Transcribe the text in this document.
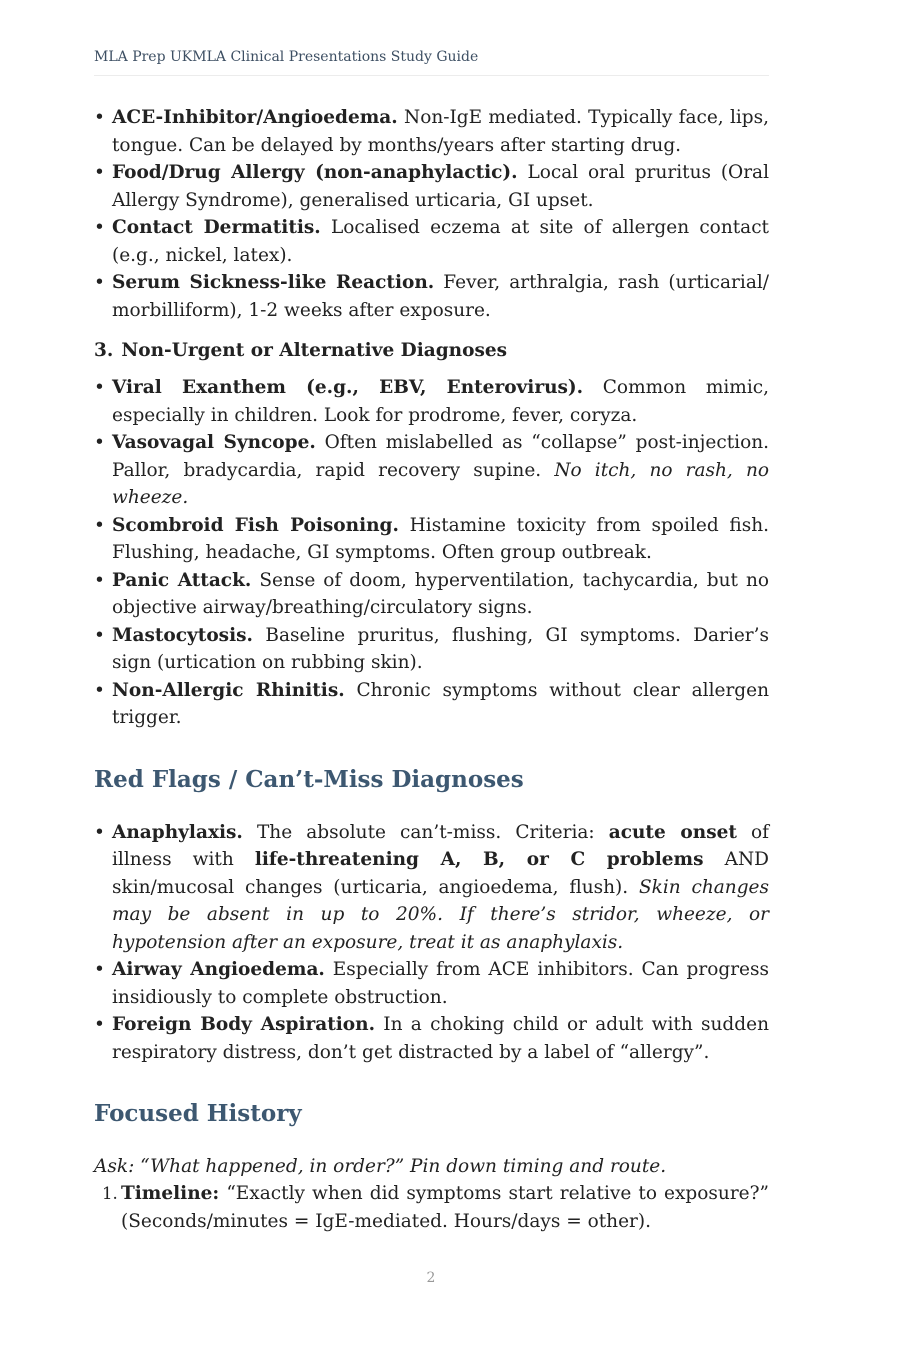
MLA Prep UKMLA Clinical Presentations Study Guide
• ACE-Inhibitor/Angioedema. Non-IgE mediated. Typically face, lips, tongue. Can be delayed by months/years after starting drug.
• Food/Drug Allergy (non-anaphylactic). Local oral pruritus (Oral Allergy Syndrome), generalised urticaria, GI upset.
• Contact Dermatitis. Localised eczema at site of allergen contact (e.g., nickel, latex).
• Serum Sickness-like Reaction. Fever, arthralgia, rash (urticarial/ morbilliform), 1-2 weeks after exposure.
3. Non-Urgent or Alternative Diagnoses
• Viral Exanthem (e.g., EBV, Enterovirus). Common mimic, especially in children. Look for prodrome, fever, coryza.
• Vasovagal Syncope. Often mislabelled as “collapse” post-injection. Pallor, bradycardia, rapid recovery supine. No itch, no rash, no wheeze.
• Scombroid Fish Poisoning. Histamine toxicity from spoiled fish. Flushing, headache, GI symptoms. Often group outbreak.
• Panic Attack. Sense of doom, hyperventilation, tachycardia, but no objective airway/breathing/circulatory signs.
• Mastocytosis. Baseline pruritus, flushing, GI symptoms. Darier’s sign (urtication on rubbing skin).
• Non-Allergic Rhinitis. Chronic symptoms without clear allergen trigger.
Red Flags / Can’t-Miss Diagnoses
• Anaphylaxis. The absolute can’t-miss. Criteria: acute onset of illness with life-threatening A, B, or C problems AND skin/mucosal changes (urticaria, angioedema, flush). Skin changes may be absent in up to 20%. If there’s stridor, wheeze, or hypotension after an exposure, treat it as anaphylaxis.
• Airway Angioedema. Especially from ACE inhibitors. Can progress insidiously to complete obstruction.
• Foreign Body Aspiration. In a choking child or adult with sudden respiratory distress, don’t get distracted by a label of “allergy”.
Focused History
Ask: “What happened, in order?” Pin down timing and route.
1. Timeline: “Exactly when did symptoms start relative to exposure?” (Seconds/minutes = IgE-mediated. Hours/days = other).
2
